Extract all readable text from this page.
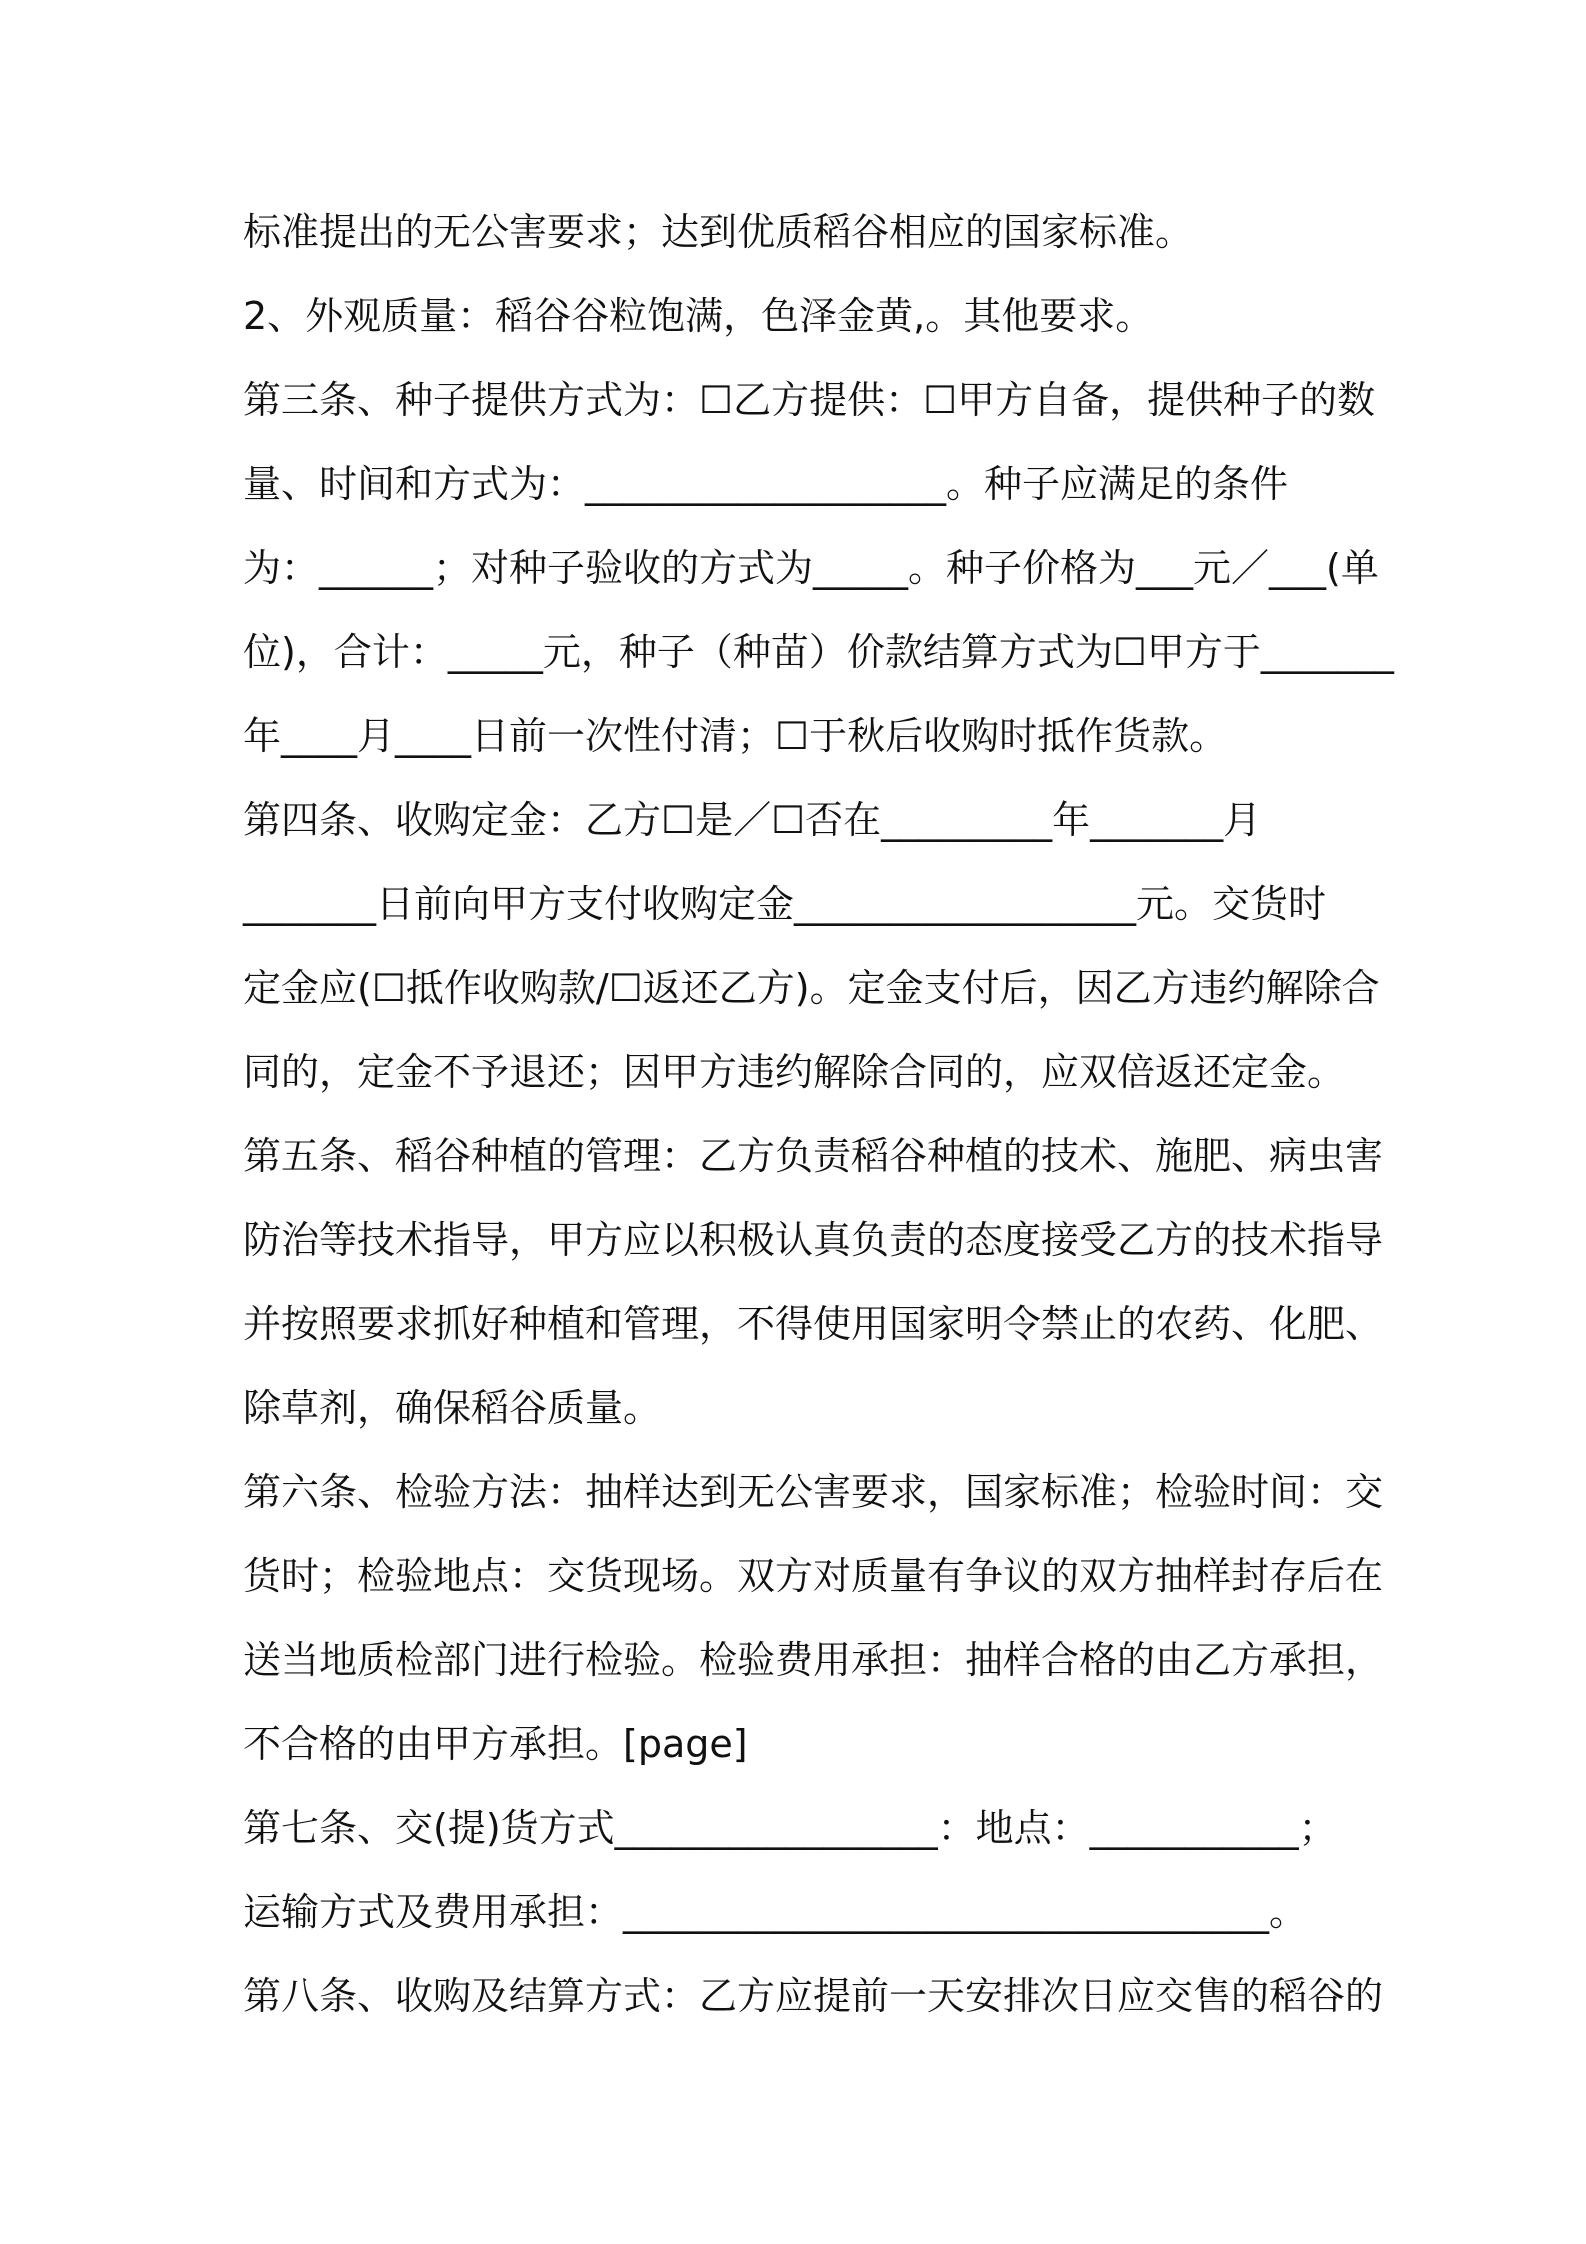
标准提出的无公害要求；达到优质稻谷相应的国家标准。
2、外观质量：稻谷谷粒饱满，色泽金黄,。其他要求。
第三条、种子提供方式为：☐乙方提供：☐甲方自备，提供种子的数
量、时间和方式为：___________________。种子应满足的条件
为：______；对种子验收的方式为_____。种子价格为___元／___(单
位)，合计：_____元，种子（种苗）价款结算方式为☐甲方于_______
年____月____日前一次性付清；☐于秋后收购时抵作货款。
第四条、收购定金：乙方☐是／☐否在_________年_______月
_______日前向甲方支付收购定金__________________元。交货时
定金应(☐抵作收购款/☐返还乙方)。定金支付后，因乙方违约解除合
同的，定金不予退还；因甲方违约解除合同的，应双倍返还定金。
第五条、稻谷种植的管理：乙方负责稻谷种植的技术、施肥、病虫害
防治等技术指导，甲方应以积极认真负责的态度接受乙方的技术指导
并按照要求抓好种植和管理，不得使用国家明令禁止的农药、化肥、
除草剂，确保稻谷质量。
第六条、检验方法：抽样达到无公害要求，国家标准；检验时间：交
货时；检验地点：交货现场。双方对质量有争议的双方抽样封存后在
送当地质检部门进行检验。检验费用承担：抽样合格的由乙方承担，
不合格的由甲方承担。[page]
第七条、交(提)货方式_________________：地点：___________；
运输方式及费用承担：__________________________________。
第八条、收购及结算方式：乙方应提前一天安排次日应交售的稻谷的
